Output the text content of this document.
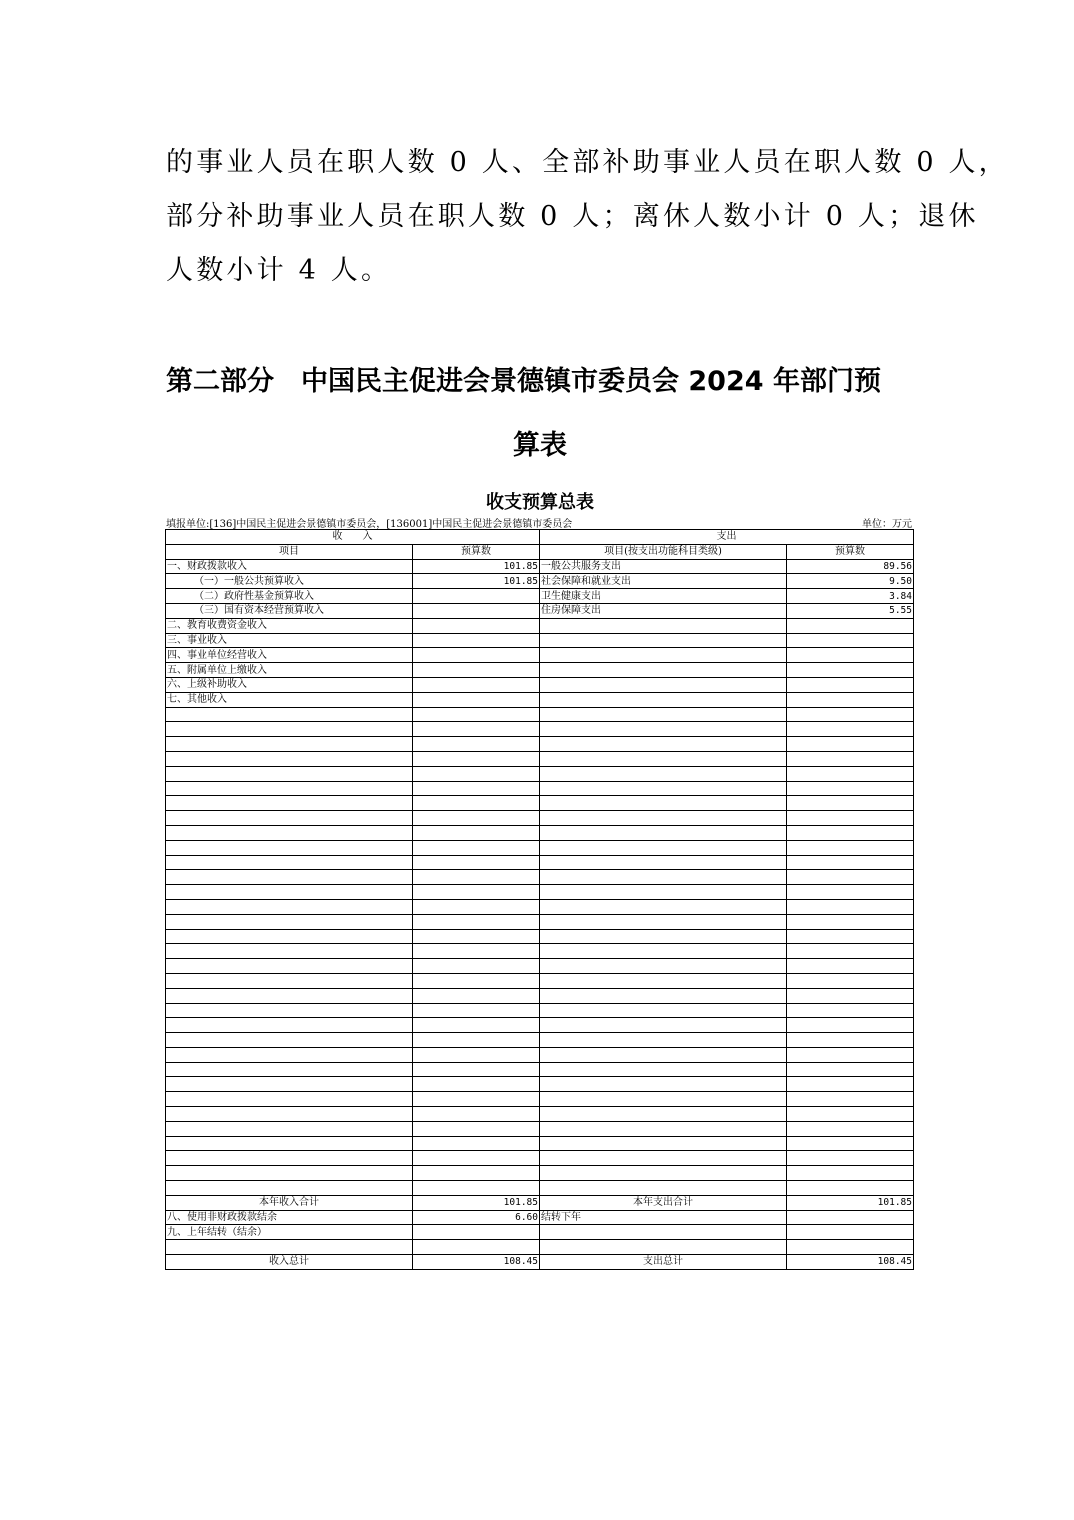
的事业人员在职人数 0 人、全部补助事业人员在职人数 0 人，

部分补助事业人员在职人数 0 人；离休人数小计 0 人；退休

人数小计 4 人。

第二部分　中国民主促进会景德镇市委员会 2024 年部门预
算表
收支预算总表
填报单位:[136]中国民主促进会景德镇市委员会，[136001]中国民主促进会景德镇市委员会	单位：万元
收　　入		支出	
项目	预算数	项目(按支出功能科目类级)	预算数
一、财政拨款收入	101.85	一般公共服务支出	89.56
（一）一般公共预算收入	101.85	社会保障和就业支出	9.50
（二）政府性基金预算收入		卫生健康支出	3.84
（三）国有资本经营预算收入		住房保障支出	5.55
二、教育收费资金收入			
三、事业收入			
四、事业单位经营收入			
五、附属单位上缴收入			
六、上级补助收入			
七、其他收入			

本年收入合计	101.85	本年支出合计	101.85
八、使用非财政拨款结余	6.60	结转下年	
九、上年结转（结余）			

收入总计	108.45	支出总计	108.45
